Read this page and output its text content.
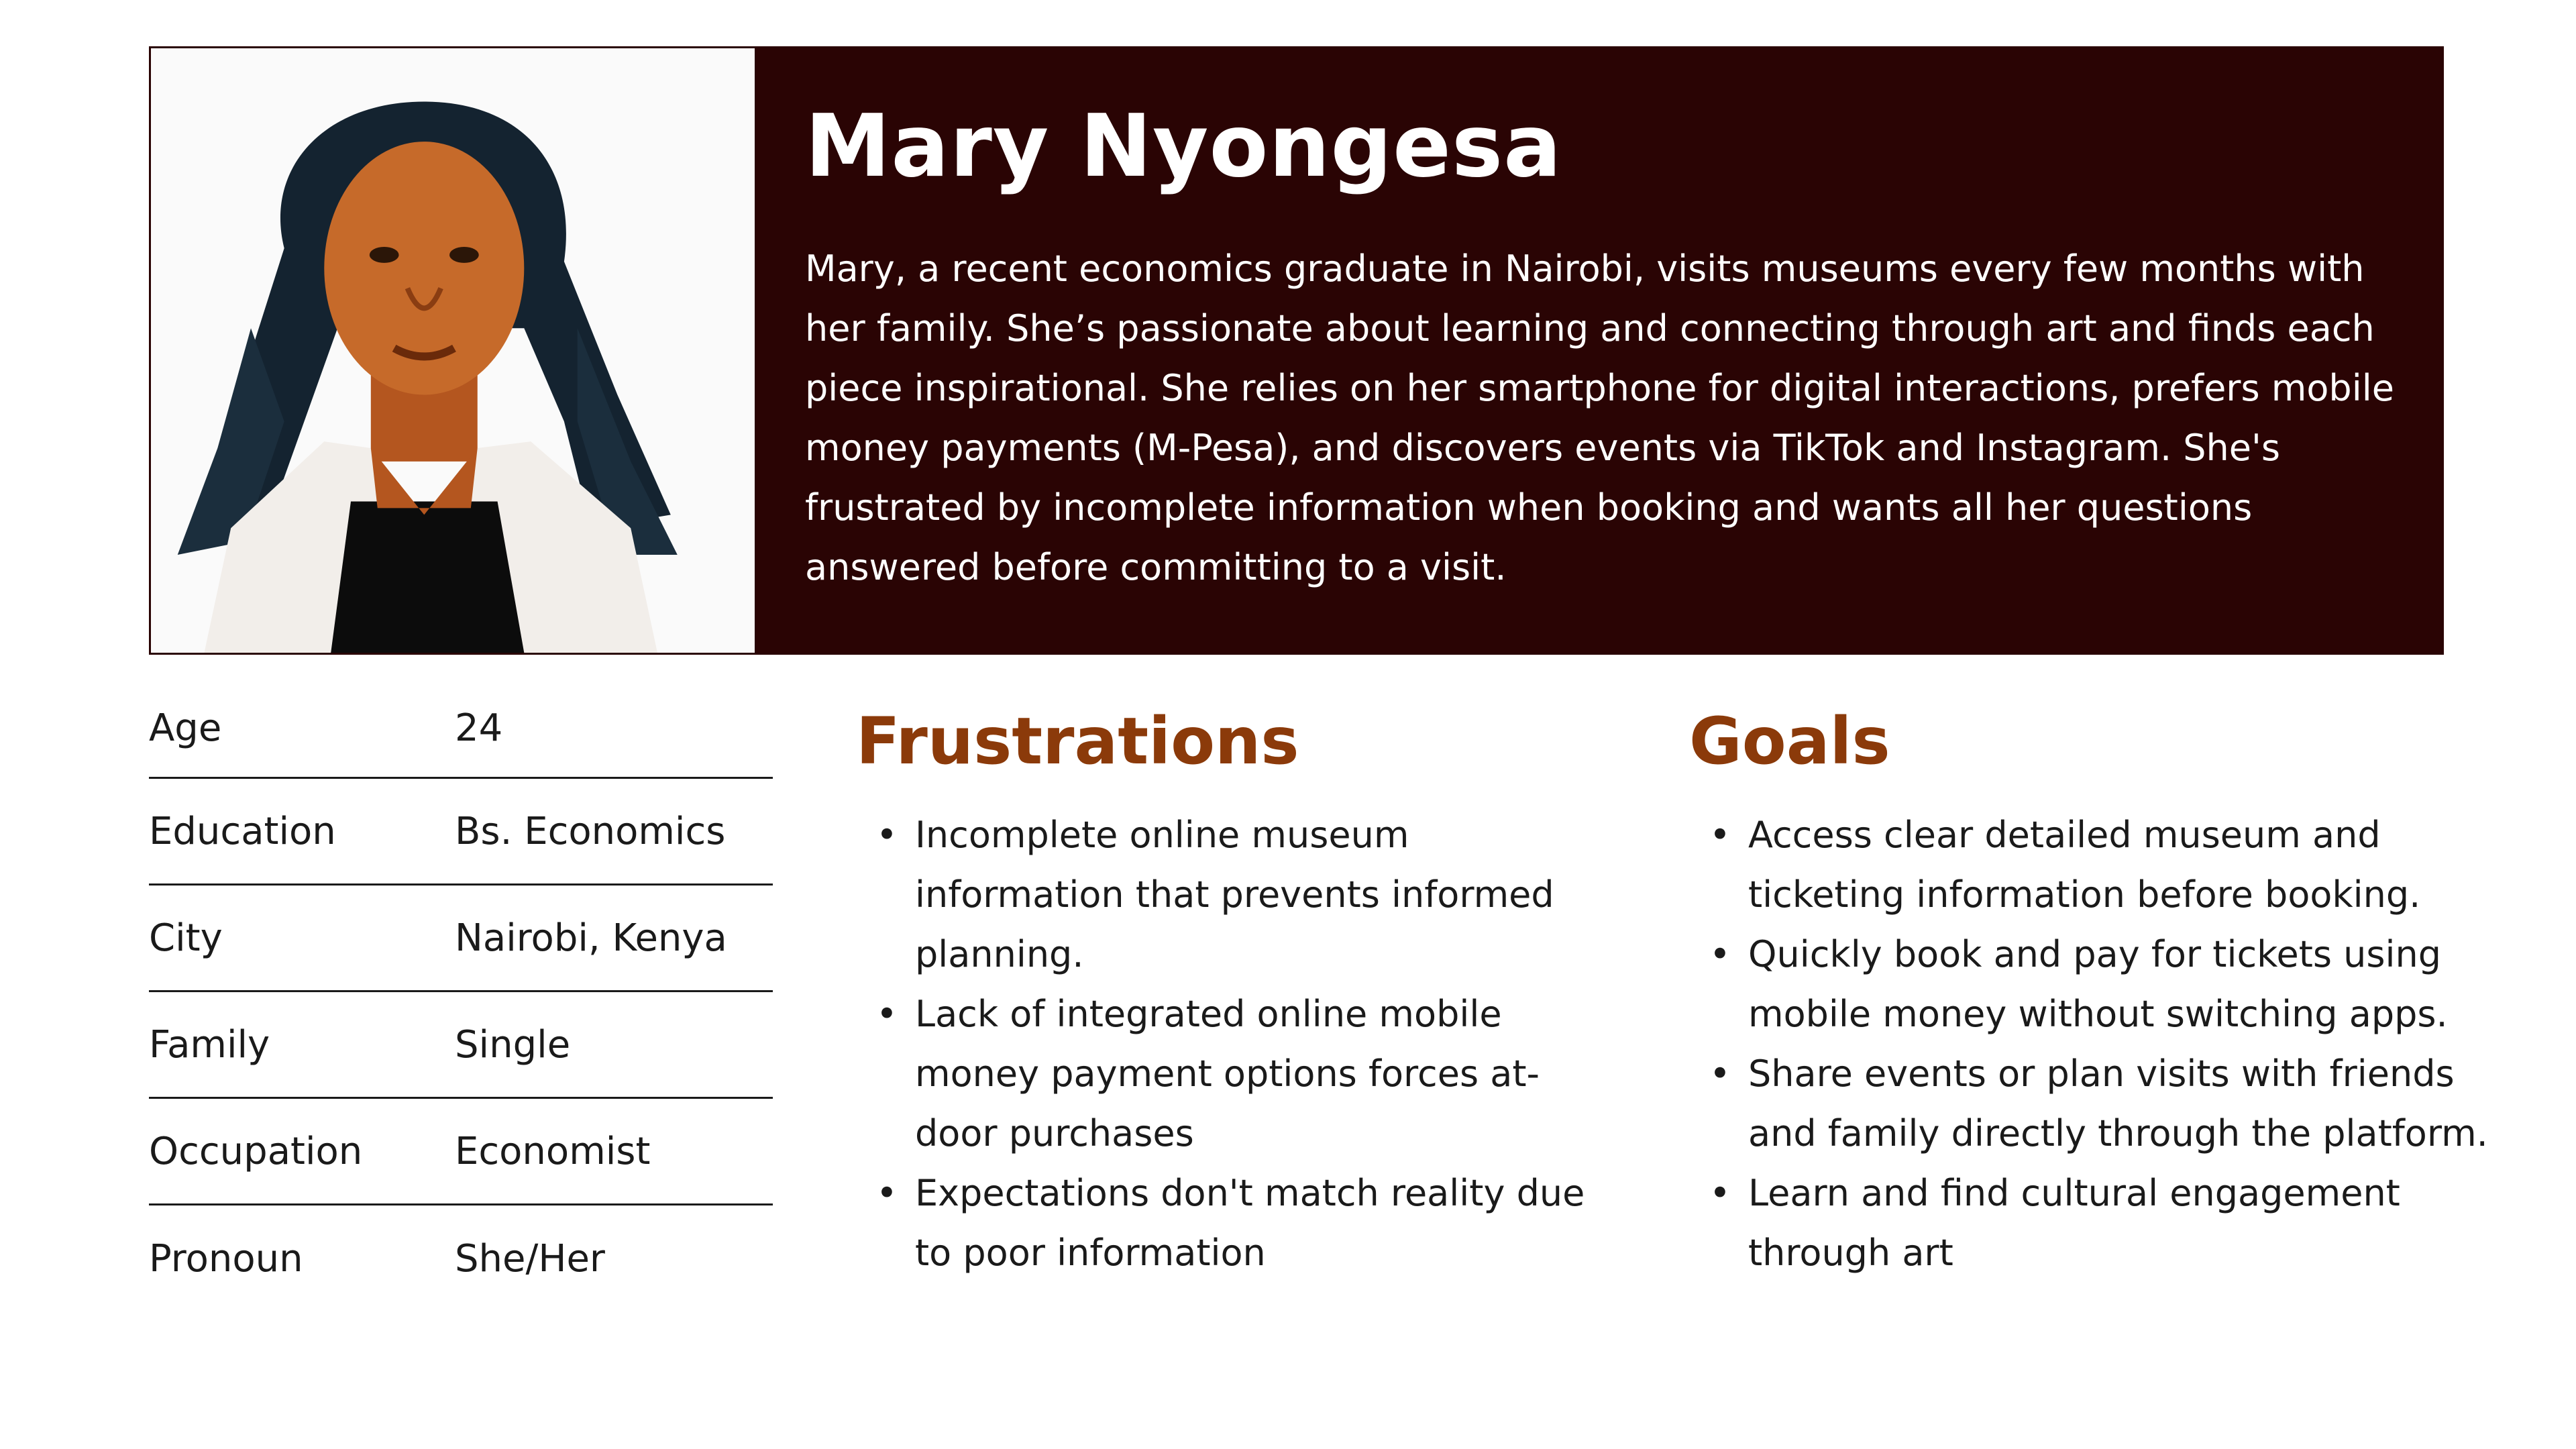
Mary Nyongesa

Mary, a recent economics graduate in Nairobi, visits museums every few months with her family. She’s passionate about learning and connecting through art and finds each piece inspirational. She relies on her smartphone for digital interactions, prefers mobile money payments (M-Pesa), and discovers events via TikTok and Instagram. She's frustrated by incomplete information when booking and wants all her questions answered before committing to a visit.

Age	24
Education	Bs. Economics
City	Nairobi, Kenya
Family	Single
Occupation	Economist
Pronoun	She/Her
Frustrations
• Incomplete online museum information that prevents informed planning.
• Lack of integrated online mobile money payment options forces at-door purchases
• Expectations don't match reality due to poor information
Goals
• Access clear detailed museum and ticketing information before booking.
• Quickly book and pay for tickets using mobile money without switching apps.
• Share events or plan visits with friends and family directly through the platform.
• Learn and find cultural engagement through art
